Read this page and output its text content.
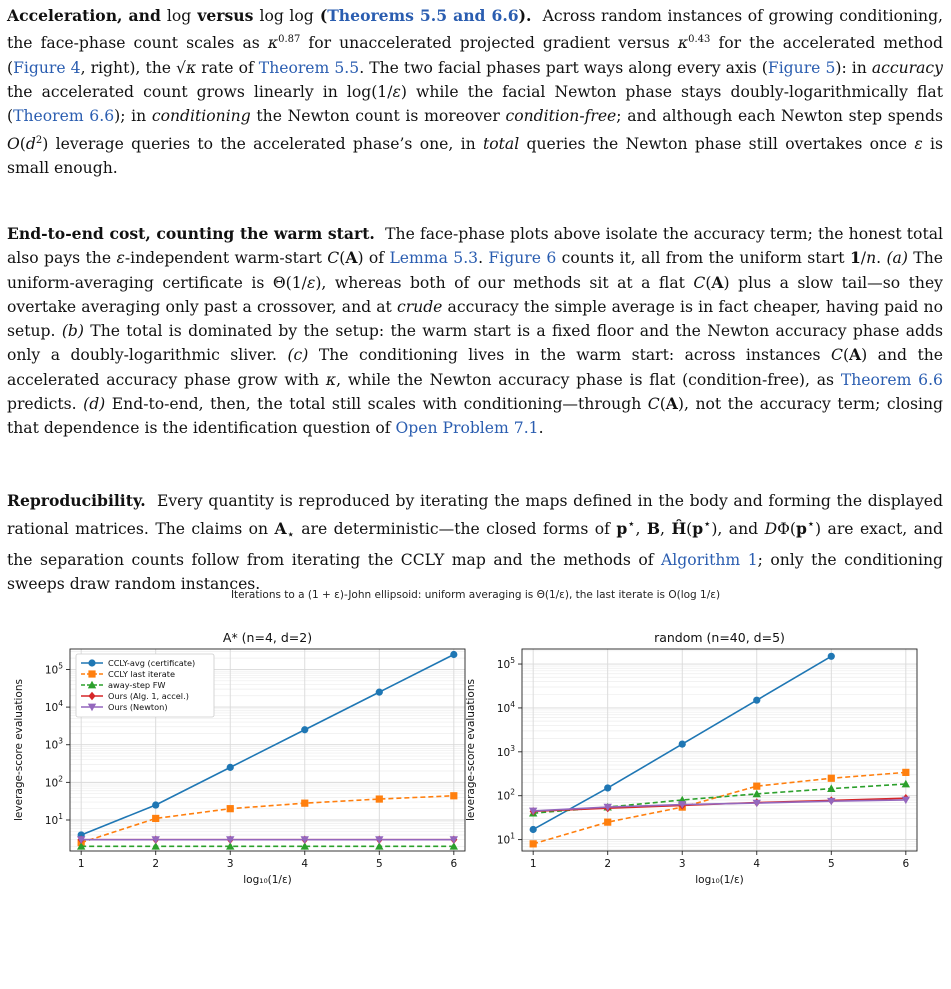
Acceleration, and log versus log log (Theorems 5.5 and 6.6).  Across random instances of growing conditioning, the face-phase count scales as $\kappa^{0.87}$ for unaccelerated projected gradient versus $\kappa^{0.43}$ for the accelerated method (Figure 4, right), the √κ rate of Theorem 5.5. The two facial phases part ways along every axis (Figure 5): in accuracy the accelerated count grows linearly in log(1/ε) while the facial Newton phase stays doubly-logarithmically flat (Theorem 6.6); in conditioning the Newton count is moreover condition-free; and although each Newton step spends $O(d^2)$ leverage queries to the accelerated phase’s one, in total queries the Newton phase still overtakes once ε is small enough.

End-to-end cost, counting the warm start.  The face-phase plots above isolate the accuracy term; the honest total also pays the ε-independent warm-start C(A) of Lemma 5.3. Figure 6 counts it, all from the uniform start 1/n. (a) The uniform-averaging certificate is Θ(1/ε), whereas both of our methods sit at a flat C(A) plus a slow tail—so they overtake averaging only past a crossover, and at crude accuracy the simple average is in fact cheaper, having paid no setup. (b) The total is dominated by the setup: the warm start is a fixed floor and the Newton accuracy phase adds only a doubly-logarithmic sliver. (c) The conditioning lives in the warm start: across instances C(A) and the accelerated accuracy phase grow with κ, while the Newton accuracy phase is flat (condition-free), as Theorem 6.6 predicts. (d) End-to-end, then, the total still scales with conditioning—through C(A), not the accuracy term; closing that dependence is the identification question of Open Problem 7.1.

Reproducibility.  Every quantity is reproduced by iterating the maps defined in the body and forming the displayed rational matrices. The claims on $A_⋆$ are deterministic—the closed forms of p⋆, B, Ĥ(p⋆), and DΦ(p⋆) are exact, and the separation counts follow from iterating the CCLY map and the methods of Algorithm 1; only the conditioning sweeps draw random instances.

Iterations to a (1 + ε)-John ellipsoid: uniform averaging is Θ(1/ε), the last iterate is O(log 1/ε)
1	2	3	4	5	6
$10^1$
$10^2$
$10^3$
$10^4$
$10^5$
A* (n=4, d=2)
log₁₀(1/ε)
leverage-score evaluations
CCLY-avg (certificate)
CCLY last iterate
away-step FW
Ours (Alg. 1, accel.)
Ours (Newton)
1	2	3	4	5	6
$10^1$
$10^2$
$10^3$
$10^4$
$10^5$
random (n=40, d=5)
log₁₀(1/ε)
leverage-score evaluations
